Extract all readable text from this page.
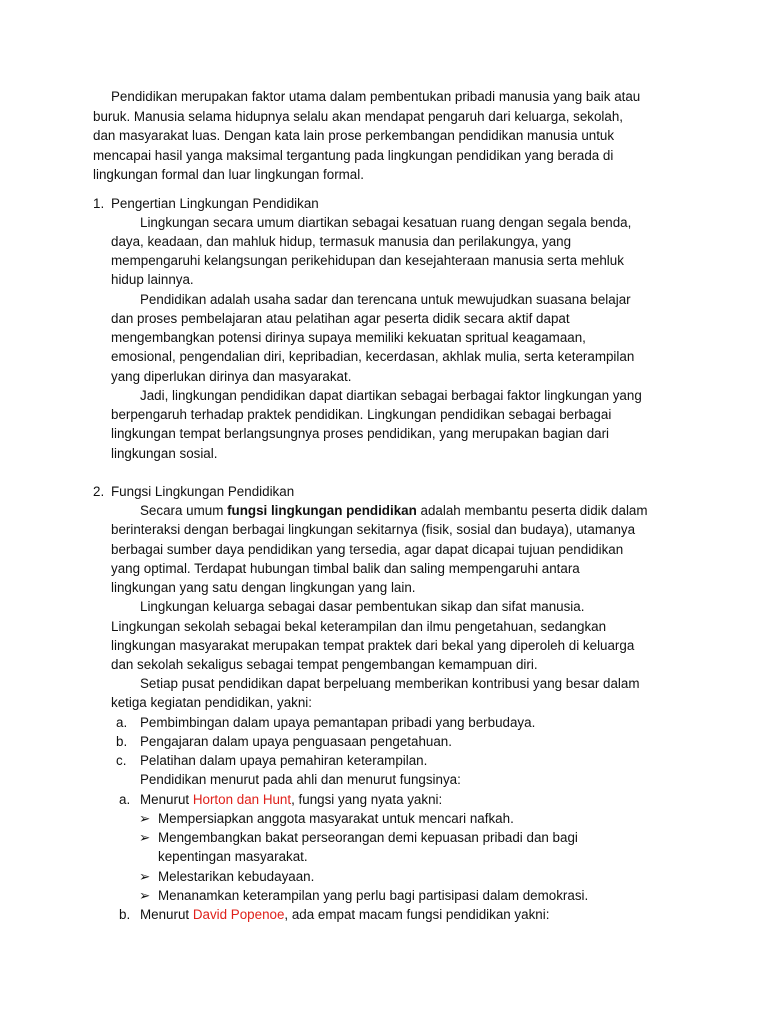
Pendidikan merupakan faktor utama dalam pembentukan pribadi manusia yang baik atau
buruk. Manusia selama hidupnya selalu akan mendapat pengaruh dari keluarga, sekolah,
dan masyarakat luas. Dengan kata lain prose perkembangan pendidikan manusia untuk
mencapai hasil yanga maksimal tergantung pada lingkungan pendidikan yang berada di
lingkungan formal dan luar lingkungan formal.
1. Pengertian Lingkungan Pendidikan
Lingkungan secara umum diartikan sebagai kesatuan ruang dengan segala benda,
daya, keadaan, dan mahluk hidup, termasuk manusia dan perilakungya, yang
mempengaruhi kelangsungan perikehidupan dan kesejahteraan manusia serta mehluk
hidup lainnya.
Pendidikan adalah usaha sadar dan terencana untuk mewujudkan suasana belajar
dan proses pembelajaran atau pelatihan agar peserta didik secara aktif dapat
mengembangkan potensi dirinya supaya memiliki kekuatan spritual keagamaan,
emosional, pengendalian diri, kepribadian, kecerdasan, akhlak mulia, serta keterampilan
yang diperlukan dirinya dan masyarakat.
Jadi, lingkungan pendidikan dapat diartikan sebagai berbagai faktor lingkungan yang
berpengaruh terhadap praktek pendidikan. Lingkungan pendidikan sebagai berbagai
lingkungan tempat berlangsungnya proses pendidikan, yang merupakan bagian dari
lingkungan sosial.
2. Fungsi Lingkungan Pendidikan
Secara umum fungsi lingkungan pendidikan adalah membantu peserta didik dalam
berinteraksi dengan berbagai lingkungan sekitarnya (fisik, sosial dan budaya), utamanya
berbagai sumber daya pendidikan yang tersedia, agar dapat dicapai tujuan pendidikan
yang optimal. Terdapat hubungan timbal balik dan saling mempengaruhi antara
lingkungan yang satu dengan lingkungan yang lain.
Lingkungan keluarga sebagai dasar pembentukan sikap dan sifat manusia.
Lingkungan sekolah sebagai bekal keterampilan dan ilmu pengetahuan, sedangkan
lingkungan masyarakat merupakan tempat praktek dari bekal yang diperoleh di keluarga
dan sekolah sekaligus sebagai tempat pengembangan kemampuan diri.
Setiap pusat pendidikan dapat berpeluang memberikan kontribusi yang besar dalam
ketiga kegiatan pendidikan, yakni:
a. Pembimbingan dalam upaya pemantapan pribadi yang berbudaya.
b. Pengajaran dalam upaya penguasaan pengetahuan.
c. Pelatihan dalam upaya pemahiran keterampilan.
Pendidikan menurut pada ahli dan menurut fungsinya:
a. Menurut Horton dan Hunt, fungsi yang nyata yakni:
➢ Mempersiapkan anggota masyarakat untuk mencari nafkah.
➢ Mengembangkan bakat perseorangan demi kepuasan pribadi dan bagi
kepentingan masyarakat.
➢ Melestarikan kebudayaan.
➢ Menanamkan keterampilan yang perlu bagi partisipasi dalam demokrasi.
b. Menurut David Popenoe, ada empat macam fungsi pendidikan yakni:
